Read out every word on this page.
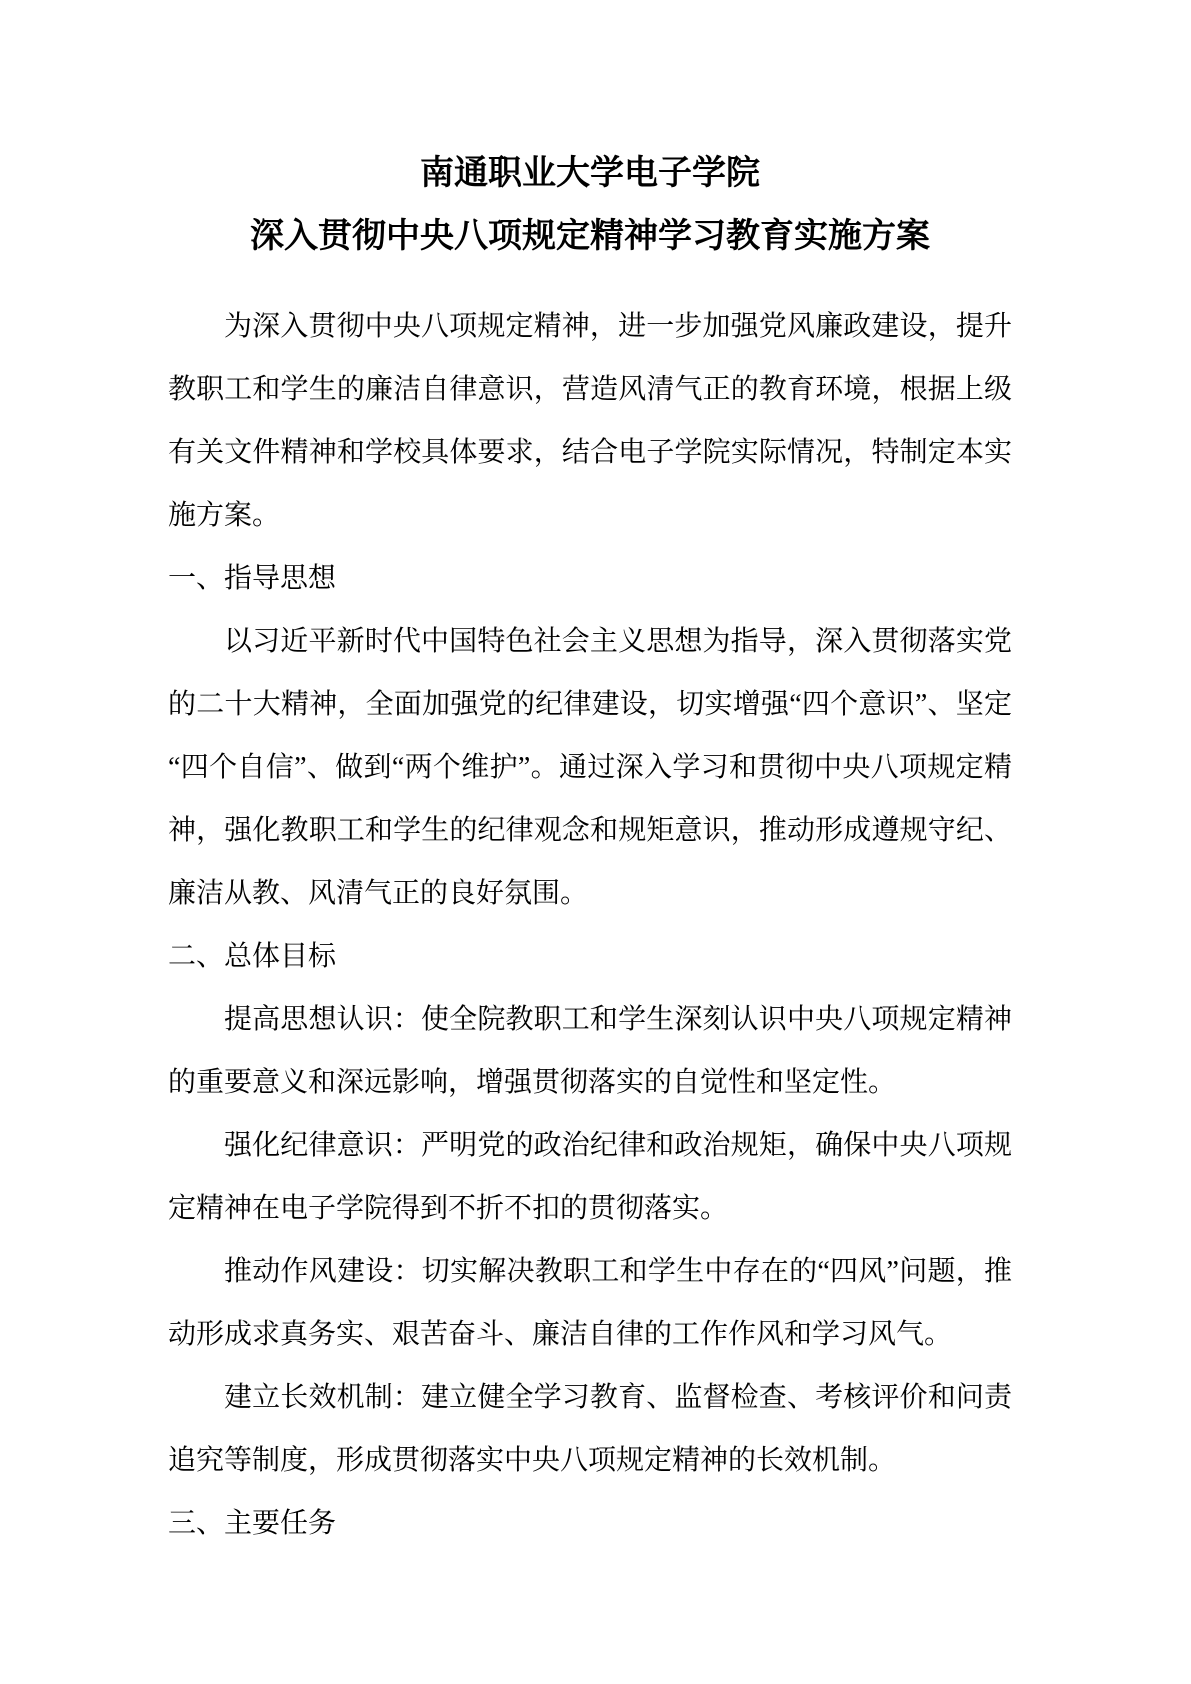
南通职业大学电子学院
深入贯彻中央八项规定精神学习教育实施方案

为深入贯彻中央八项规定精神，进一步加强党风廉政建设，提升教职工和学生的廉洁自律意识，营造风清气正的教育环境，根据上级有关文件精神和学校具体要求，结合电子学院实际情况，特制定本实施方案。

一、指导思想

以习近平新时代中国特色社会主义思想为指导，深入贯彻落实党的二十大精神，全面加强党的纪律建设，切实增强“四个意识”、坚定“四个自信”、做到“两个维护”。通过深入学习和贯彻中央八项规定精神，强化教职工和学生的纪律观念和规矩意识，推动形成遵规守纪、廉洁从教、风清气正的良好氛围。

二、总体目标

提高思想认识：使全院教职工和学生深刻认识中央八项规定精神的重要意义和深远影响，增强贯彻落实的自觉性和坚定性。

强化纪律意识：严明党的政治纪律和政治规矩，确保中央八项规定精神在电子学院得到不折不扣的贯彻落实。

推动作风建设：切实解决教职工和学生中存在的“四风”问题，推动形成求真务实、艰苦奋斗、廉洁自律的工作作风和学习风气。

建立长效机制：建立健全学习教育、监督检查、考核评价和问责追究等制度，形成贯彻落实中央八项规定精神的长效机制。

三、主要任务
